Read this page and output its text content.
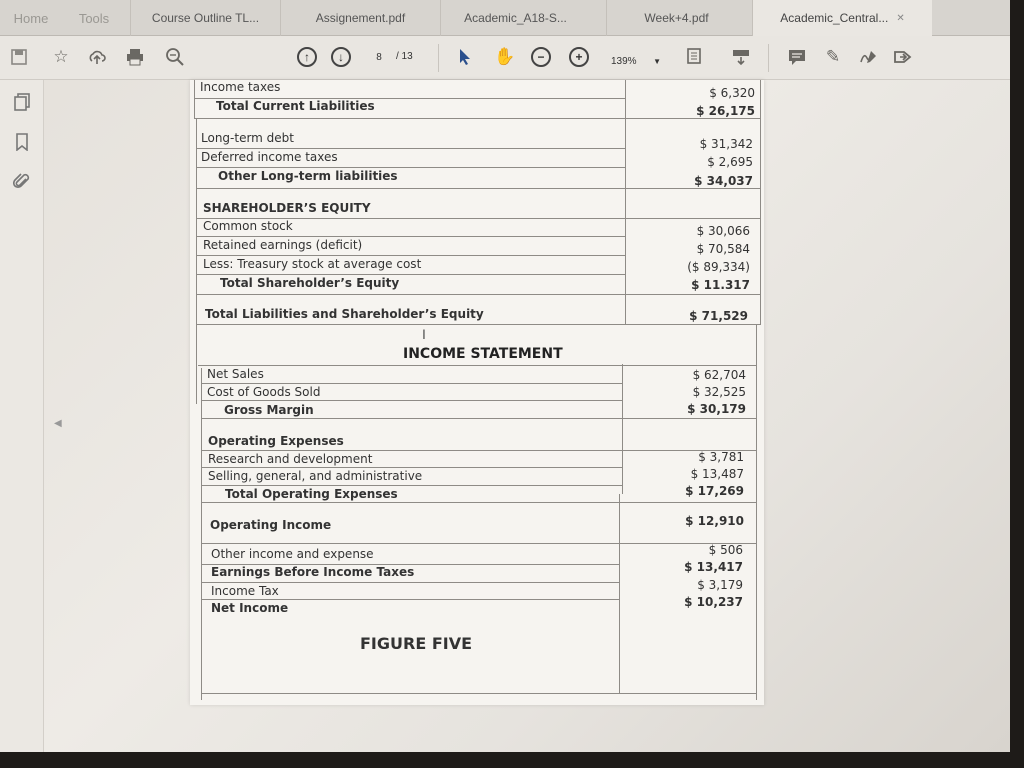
Home Tools	Course Outline TL...	Assignement.pdf	Academic_A18-S...	Week+4.pdf	Academic_Central... ✕
☆	↑	↓	8	/ 13	✋	−	+	139% ▼	✎
◀
Income taxes	$ 6,320
Total Current Liabilities	$ 26,175
Long-term debt	$ 31,342
Deferred income taxes	$ 2,695
Other Long-term liabilities	$ 34,037
SHAREHOLDER’S EQUITY
Common stock	$ 30,066
Retained earnings (deficit)	$ 70,584
Less: Treasury stock at average cost	($ 89,334)
Total Shareholder’s Equity	$ 11.317
Total Liabilities and Shareholder’s Equity	$ 71,529
I
INCOME STATEMENT
Net Sales	$ 62,704
Cost of Goods Sold	$ 32,525
Gross Margin	$ 30,179
Operating Expenses
Research and development	$ 3,781
Selling, general, and administrative	$ 13,487
Total Operating Expenses	$ 17,269
Operating Income	$ 12,910
Other income and expense	$ 506
Earnings Before Income Taxes	$ 13,417
Income Tax	$ 3,179
Net Income	$ 10,237
FIGURE FIVE
